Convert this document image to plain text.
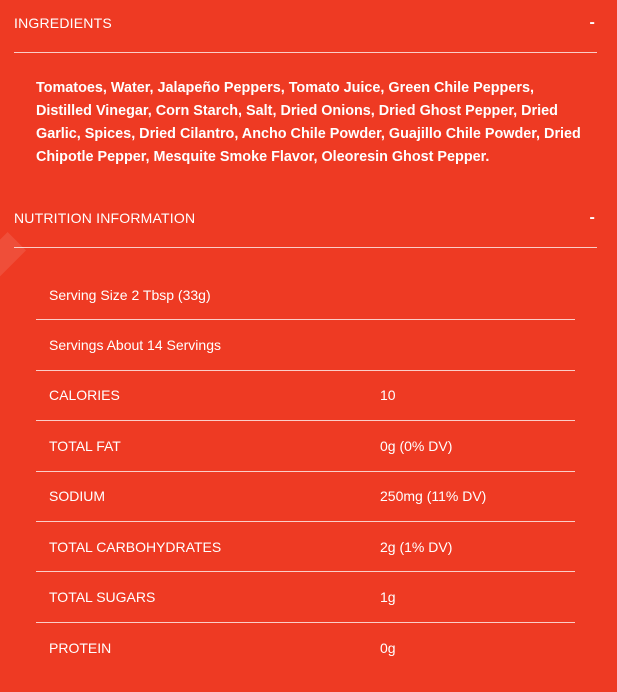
INGREDIENTS	-
Tomatoes, Water, Jalapeño Peppers, Tomato Juice, Green Chile Peppers, Distilled Vinegar, Corn Starch, Salt, Dried Onions, Dried Ghost Pepper, Dried Garlic, Spices, Dried Cilantro, Ancho Chile Powder, Guajillo Chile Powder, Dried Chipotle Pepper, Mesquite Smoke Flavor, Oleoresin Ghost Pepper.
NUTRITION INFORMATION	-
Serving Size 2 Tbsp (33g)
Servings About 14 Servings
CALORIES	10
TOTAL FAT	0g (0% DV)
SODIUM	250mg (11% DV)
TOTAL CARBOHYDRATES	2g (1% DV)
TOTAL SUGARS	1g
PROTEIN	0g
